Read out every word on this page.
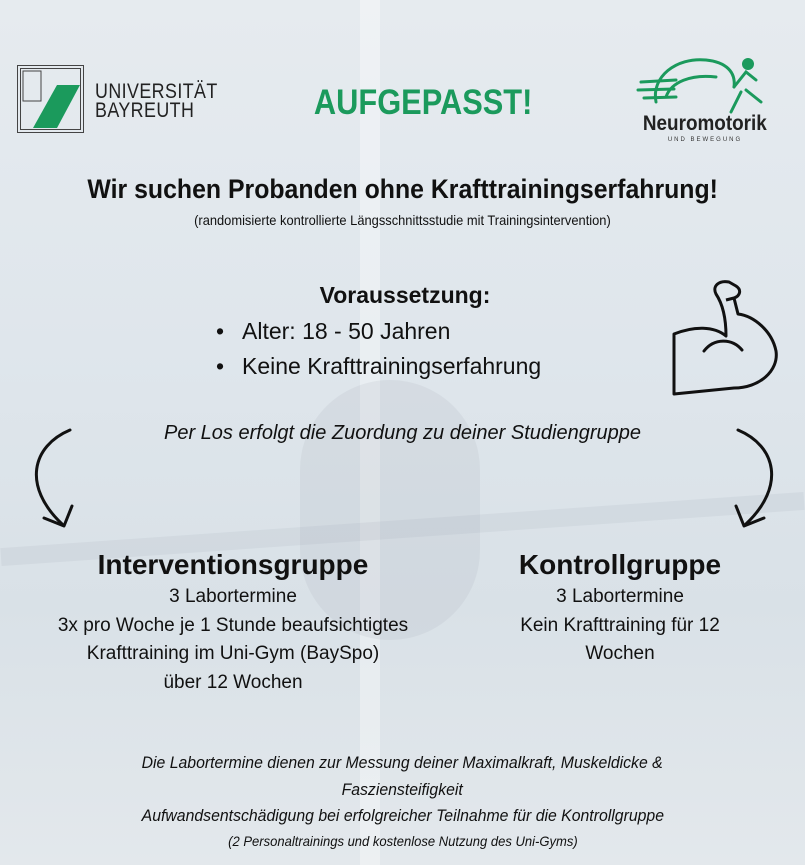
UNIVERSITÄT
BAYREUTH	AUFGEPASST!
Neuromotorik
UND BEWEGUNG
Wir suchen Probanden ohne Krafttrainingserfahrung!
(randomisierte kontrollierte Längsschnittsstudie mit Trainingsintervention)
Voraussetzung:
• Alter: 18 - 50 Jahren
• Keine Krafttrainingserfahrung
Per Los erfolgt die Zuordung zu deiner Studiengruppe
Interventionsgruppe
3 Labortermine
3x pro Woche je 1 Stunde beaufsichtigtes
Krafttraining im Uni-Gym (BaySpo)
über 12 Wochen
Kontrollgruppe
3 Labortermine
Kein Krafttraining für 12
Wochen
Die Labortermine dienen zur Messung deiner Maximalkraft, Muskeldicke &
Fasziensteifigkeit
Aufwandsentschädigung bei erfolgreicher Teilnahme für die Kontrollgruppe
(2 Personaltrainings und kostenlose Nutzung des Uni-Gyms)
